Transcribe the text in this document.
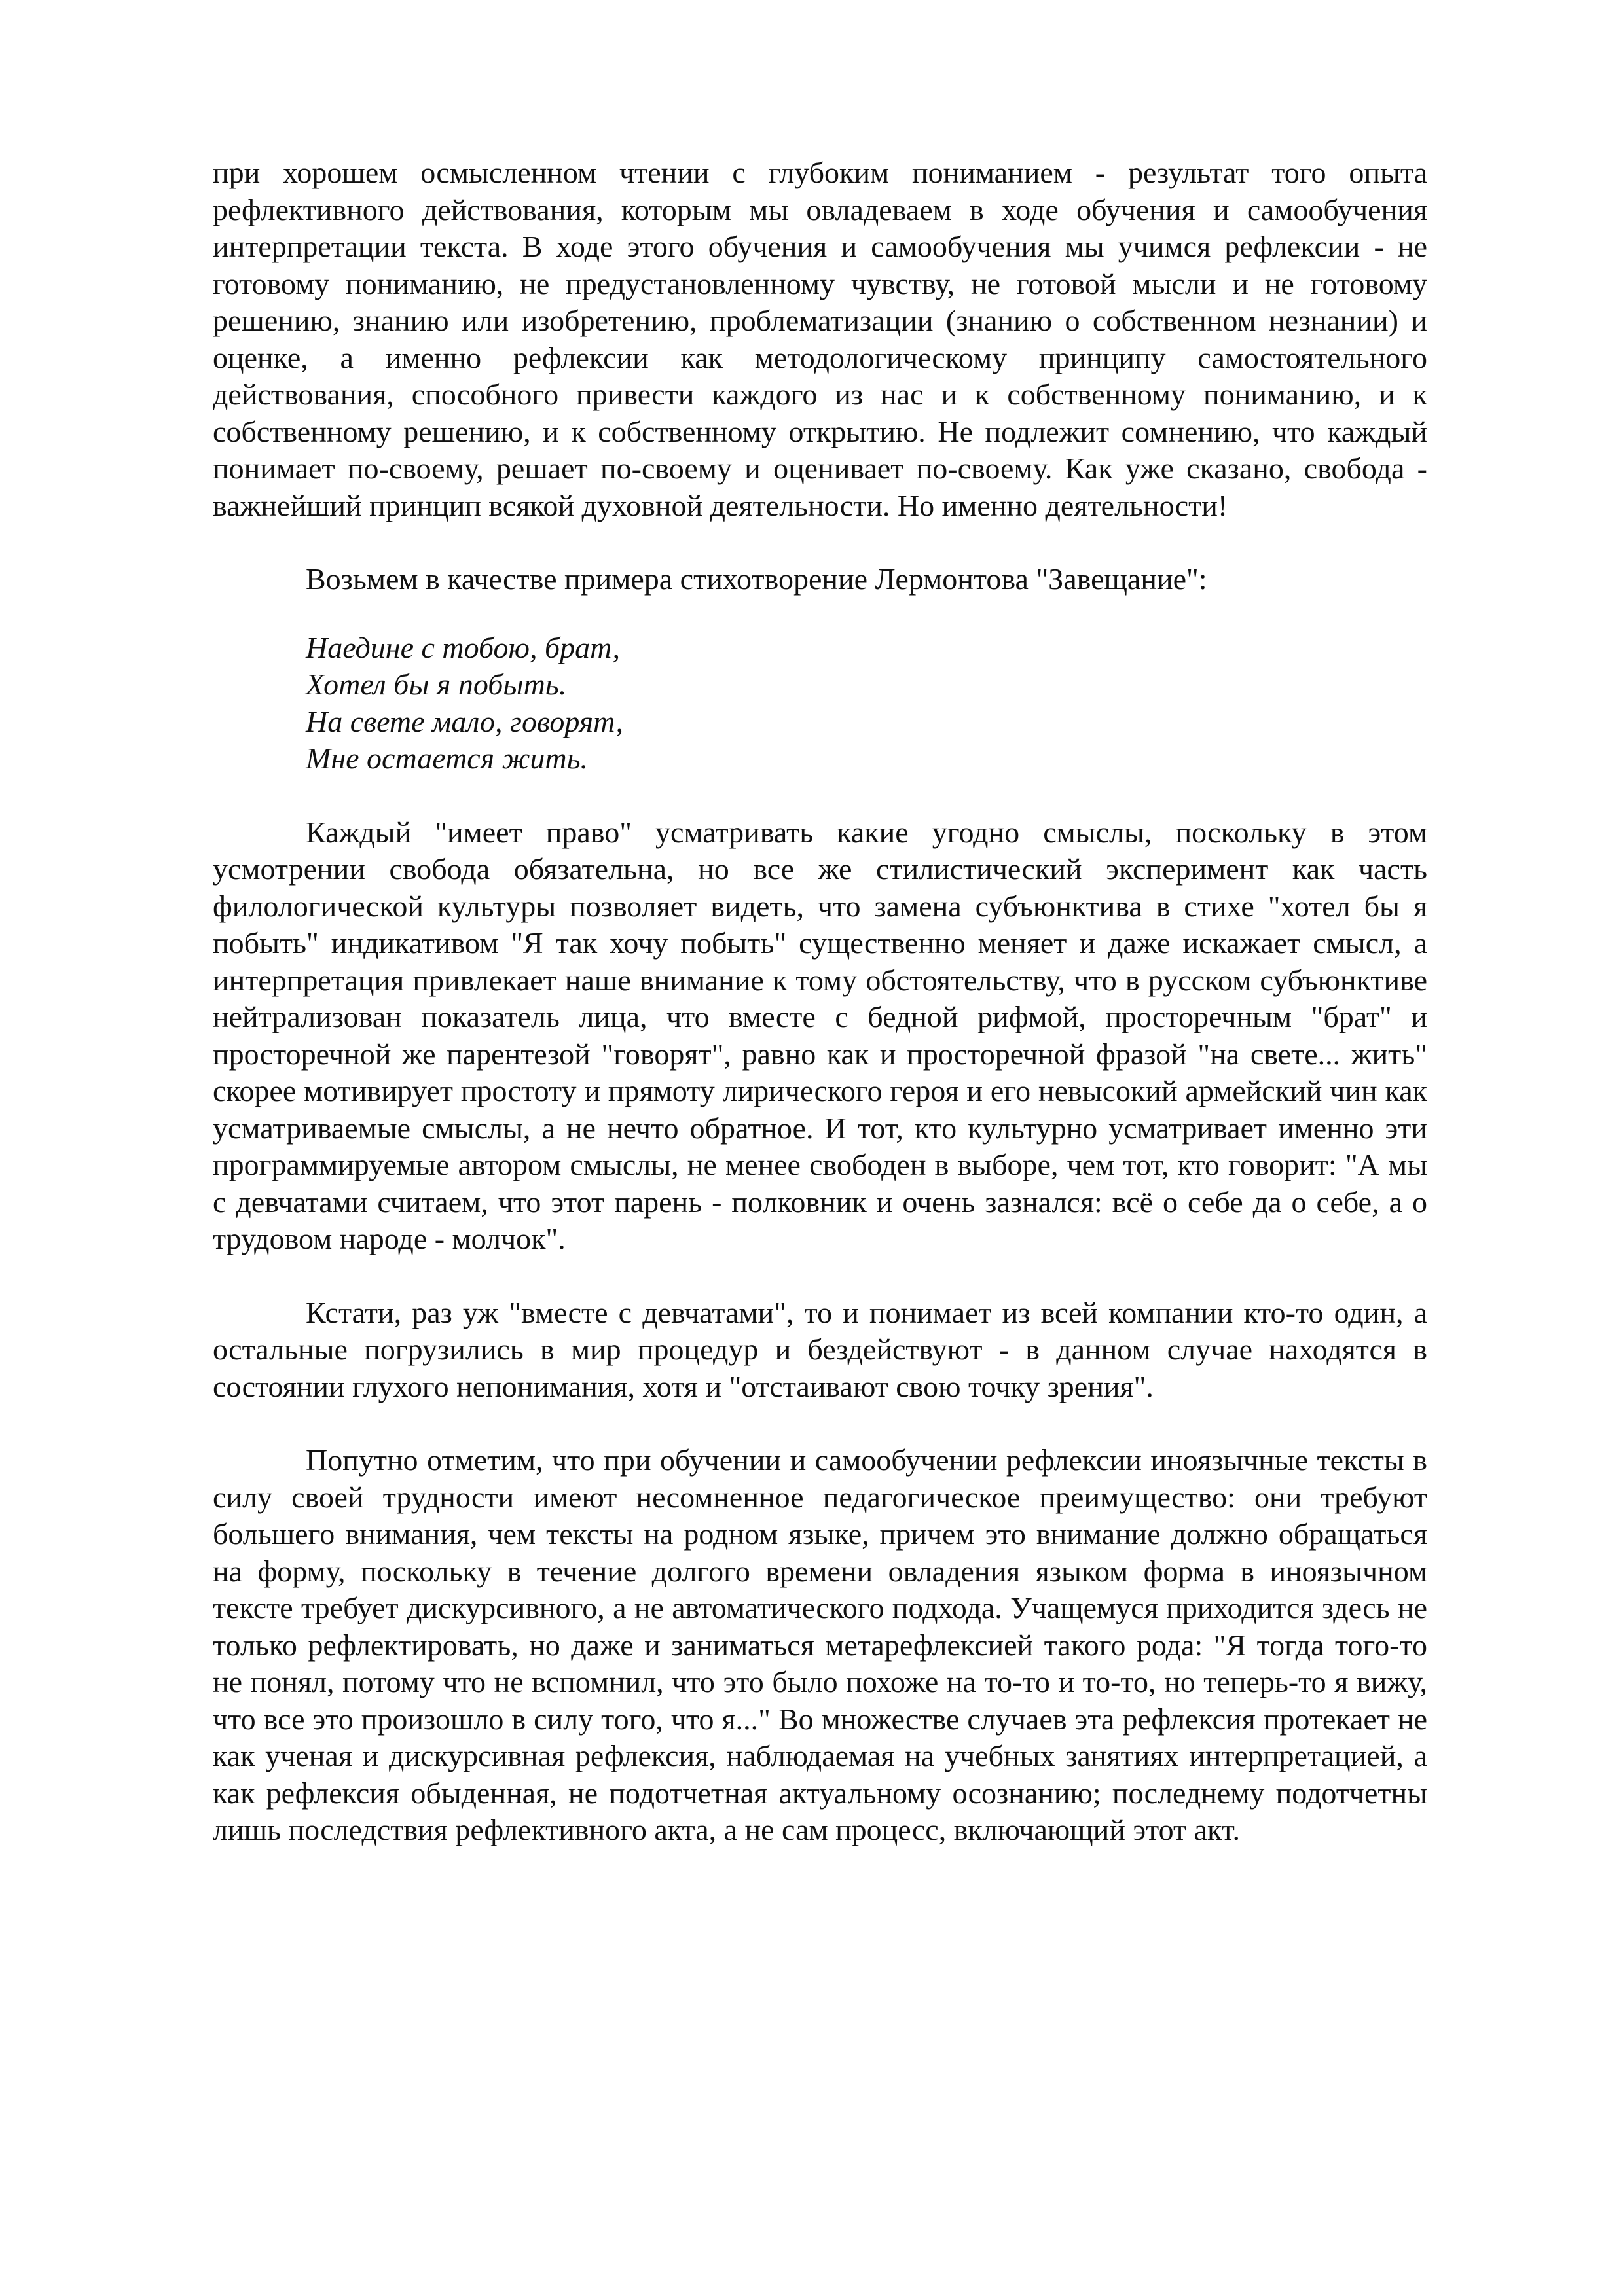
при хорошем осмысленном чтении с глубоким пониманием - результат того опыта рефлективного действования, которым мы овладеваем в ходе обучения и самообучения интерпретации текста. В ходе этого обучения и самообучения мы учимся рефлексии - не готовому пониманию, не предустановленному чувству, не готовой мысли и не готовому решению, знанию или изобретению, проблематизации (знанию о собственном незнании) и оценке, а именно рефлексии как методологическому принципу самостоятельного действования, способного привести каждого из нас и к собственному пониманию, и к собственному решению, и к собственному открытию. Не подлежит сомнению, что каждый понимает по-своему, решает по-своему и оценивает по-своему. Как уже сказано, свобода - важнейший принцип всякой духовной деятельности. Но именно деятельности!

Возьмем в качестве примера стихотворение Лермонтова "Завещание":

Наедине с тобою, брат,
Хотел бы я побыть.
На свете мало, говорят,
Мне остается жить.

Каждый "имеет право" усматривать какие угодно смыслы, поскольку в этом усмотрении свобода обязательна, но все же стилистический эксперимент как часть филологической культуры позволяет видеть, что замена субъюнктива в стихе "хотел бы я побыть" индикативом "Я так хочу побыть" существенно меняет и даже искажает смысл, а интерпретация привлекает наше внимание к тому обстоятельству, что в русском субъюнктиве нейтрализован показатель лица, что вместе с бедной рифмой, просторечным "брат" и просторечной же парентезой "говорят", равно как и просторечной фразой "на свете... жить" скорее мотивирует простоту и прямоту лирического героя и его невысокий армейский чин как усматриваемые смыслы, а не нечто обратное. И тот, кто культурно усматривает именно эти программируемые автором смыслы, не менее свободен в выборе, чем тот, кто говорит: "А мы с девчатами считаем, что этот парень - полковник и очень зазнался: всё о себе да о себе, а о трудовом народе - молчок".

Кстати, раз уж "вместе с девчатами", то и понимает из всей компании кто-то один, а остальные погрузились в мир процедур и бездействуют - в данном случае находятся в состоянии глухого непонимания, хотя и "отстаивают свою точку зрения".

Попутно отметим, что при обучении и самообучении рефлексии иноязычные тексты в силу своей трудности имеют несомненное педагогическое преимущество: они требуют большего внимания, чем тексты на родном языке, причем это внимание должно обращаться на форму, поскольку в течение долгого времени овладения языком форма в иноязычном тексте требует дискурсивного, а не автоматического подхода. Учащемуся приходится здесь не только рефлектировать, но даже и заниматься метарефлексией такого рода: "Я тогда того-то не понял, потому что не вспомнил, что это было похоже на то-то и то-то, но теперь-то я вижу, что все это произошло в силу того, что я..." Во множестве случаев эта рефлексия протекает не как ученая и дискурсивная рефлексия, наблюдаемая на учебных занятиях интерпретацией, а как рефлексия обыденная, не подотчетная актуальному осознанию; последнему подотчетны лишь последствия рефлективного акта, а не сам процесс, включающий этот акт.
